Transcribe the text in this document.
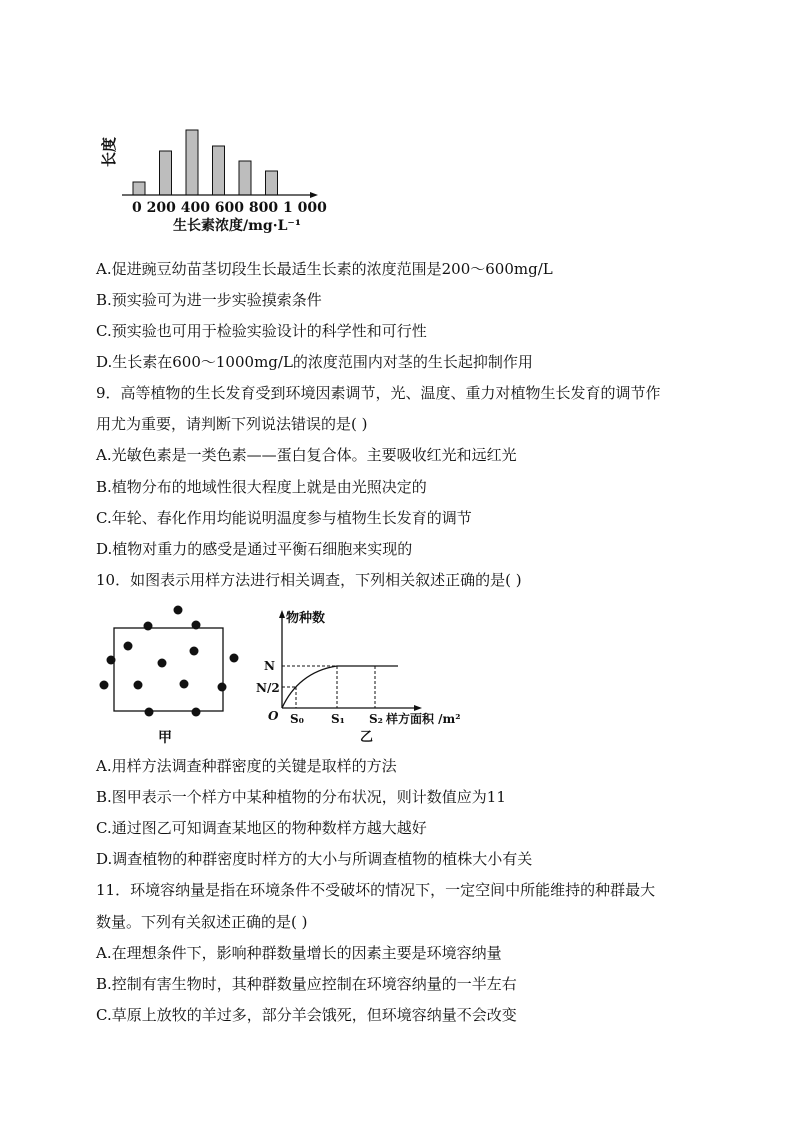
长度
0 200 400 600 800 1 000
生长素浓度/mg·L⁻¹
A.促进豌豆幼苗茎切段生长最适生长素的浓度范围是200～600mg/L
B.预实验可为进一步实验摸索条件
C.预实验也可用于检验实验设计的科学性和可行性
D.生长素在600～1000mg/L的浓度范围内对茎的生长起抑制作用
9．高等植物的生长发育受到环境因素调节，光、温度、重力对植物生长发育的调节作
用尤为重要，请判断下列说法错误的是( )
A.光敏色素是一类色素——蛋白复合体。主要吸收红光和远红光
B.植物分布的地域性很大程度上就是由光照决定的
C.年轮、春化作用均能说明温度参与植物生长发育的调节
D.植物对重力的感受是通过平衡石细胞来实现的
10．如图表示用样方法进行相关调查，下列相关叙述正确的是( )
甲
物种数
N
N/2
O S₀ S₁ S₂ 样方面积 /m²
乙
A.用样方法调查种群密度的关键是取样的方法
B.图甲表示一个样方中某种植物的分布状况，则计数值应为11
C.通过图乙可知调查某地区的物种数样方越大越好
D.调查植物的种群密度时样方的大小与所调查植物的植株大小有关
11．环境容纳量是指在环境条件不受破坏的情况下，一定空间中所能维持的种群最大
数量。下列有关叙述正确的是( )
A.在理想条件下，影响种群数量增长的因素主要是环境容纳量
B.控制有害生物时，其种群数量应控制在环境容纳量的一半左右
C.草原上放牧的羊过多，部分羊会饿死，但环境容纳量不会改变
